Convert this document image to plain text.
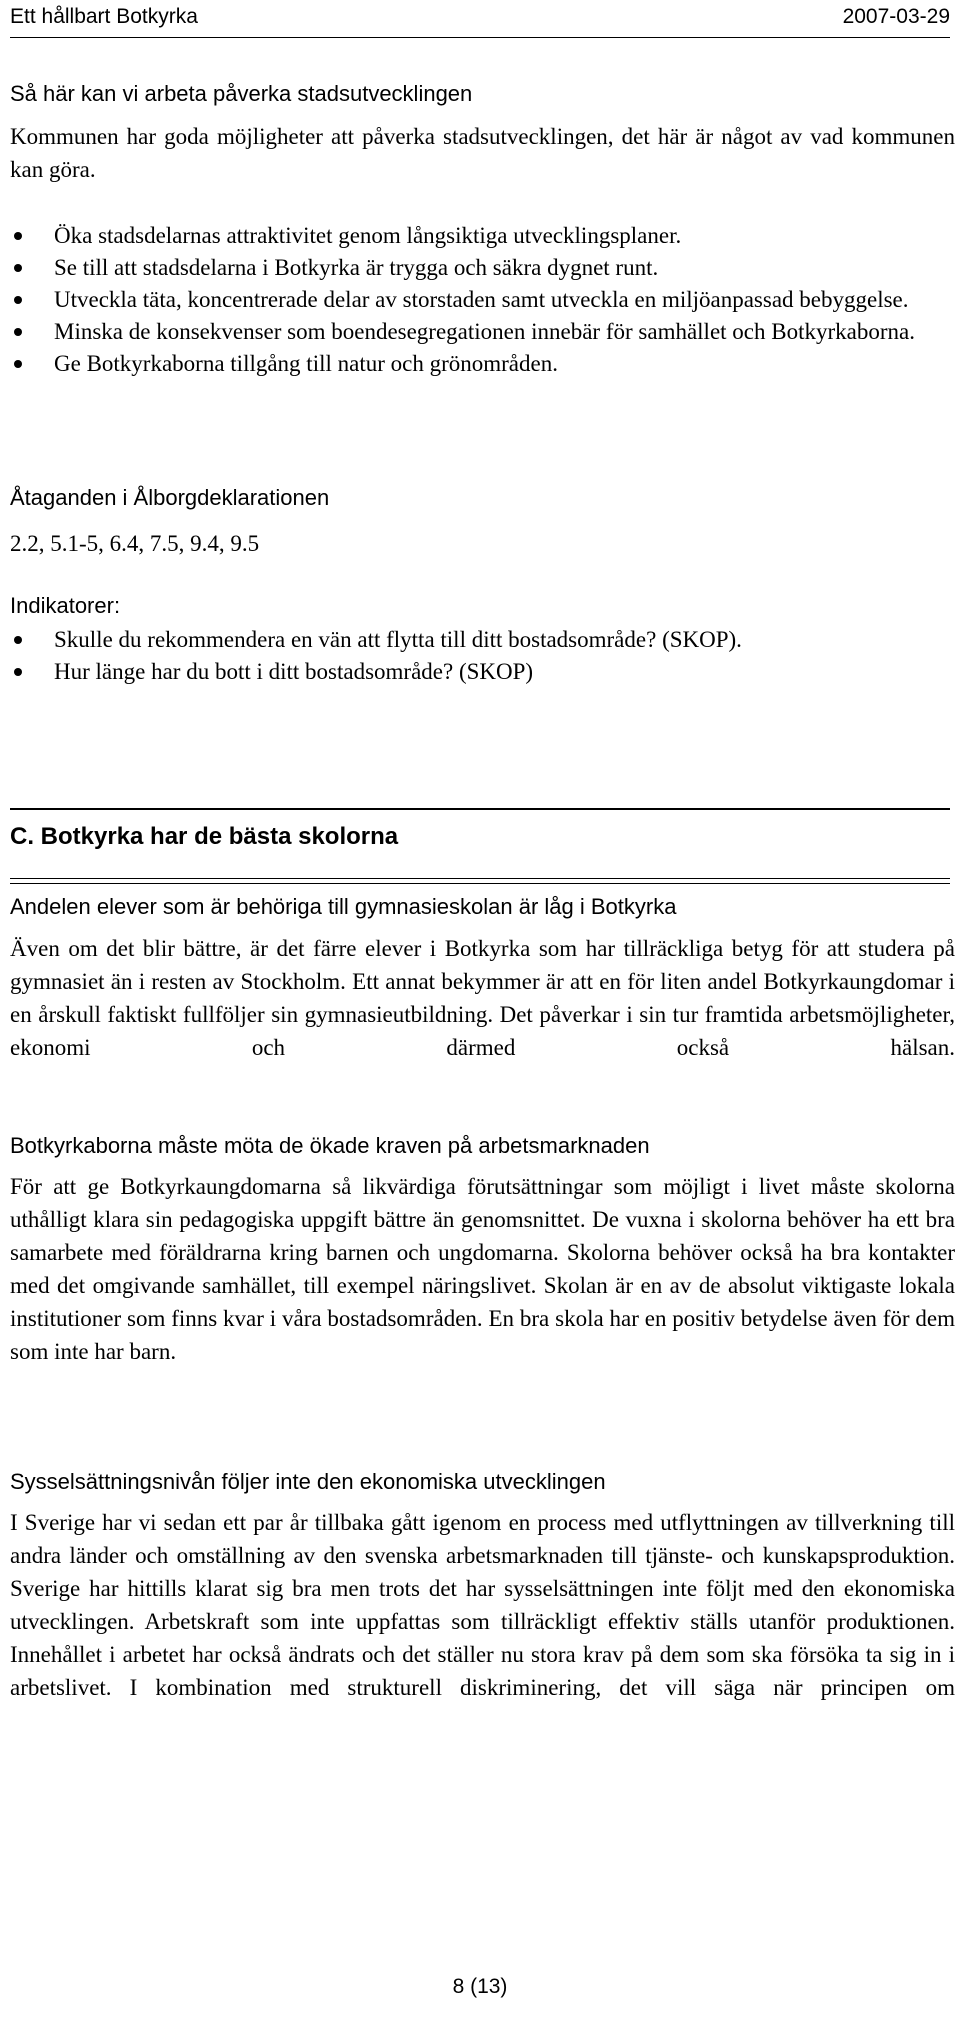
Ett hållbart Botkyrka	2007-03-29
Så här kan vi arbeta påverka stadsutvecklingen

Kommunen har goda möjligheter att påverka stadsutvecklingen, det här är något av vad kommunen kan göra.

Öka stadsdelarnas attraktivitet genom långsiktiga utvecklingsplaner.
Se till att stadsdelarna i Botkyrka är trygga och säkra dygnet runt.
Utveckla täta, koncentrerade delar av storstaden samt utveckla en miljöanpassad bebyggelse.
Minska de konsekvenser som boendesegregationen innebär för samhället och Botkyrkaborna.
Ge Botkyrkaborna tillgång till natur och grönområden.
Åtaganden i Ålborgdeklarationen

2.2, 5.1-5, 6.4, 7.5, 9.4, 9.5

Indikatorer:
Skulle du rekommendera en vän att flytta till ditt bostadsområde? (SKOP).
Hur länge har du bott i ditt bostadsområde? (SKOP)
C. Botkyrka har de bästa skolorna
Andelen elever som är behöriga till gymnasieskolan är låg i Botkyrka

Även om det blir bättre, är det färre elever i Botkyrka som har tillräckliga betyg för att studera på gymnasiet än i resten av Stockholm. Ett annat bekymmer är att en för liten andel Botkyrkaungdomar i en årskull faktiskt fullföljer sin gymnasieutbildning. Det påverkar i sin tur framtida arbetsmöjligheter, ekonomi och därmed också hälsan.

Botkyrkaborna måste möta de ökade kraven på arbetsmarknaden

För att ge Botkyrkaungdomarna så likvärdiga förutsättningar som möjligt i livet måste skolorna uthålligt klara sin pedagogiska uppgift bättre än genomsnittet. De vuxna i skolorna behöver ha ett bra samarbete med föräldrarna kring barnen och ungdomarna. Skolorna behöver också ha bra kontakter med det omgivande samhället, till exempel näringslivet. Skolan är en av de absolut viktigaste lokala institutioner som finns kvar i våra bostadsområden. En bra skola har en positiv betydelse även för dem som inte har barn.

Sysselsättningsnivån följer inte den ekonomiska utvecklingen

I Sverige har vi sedan ett par år tillbaka gått igenom en process med utflyttningen av tillverkning till andra länder och omställning av den svenska arbetsmarknaden till tjänste- och kunskapsproduktion. Sverige har hittills klarat sig bra men trots det har sysselsättningen inte följt med den ekonomiska utvecklingen. Arbetskraft som inte uppfattas som tillräckligt effektiv ställs utanför produktionen. Innehållet i arbetet har också ändrats och det ställer nu stora krav på dem som ska försöka ta sig in i arbetslivet. I kombination med strukturell diskriminering, det vill säga när principen om

8 (13)
